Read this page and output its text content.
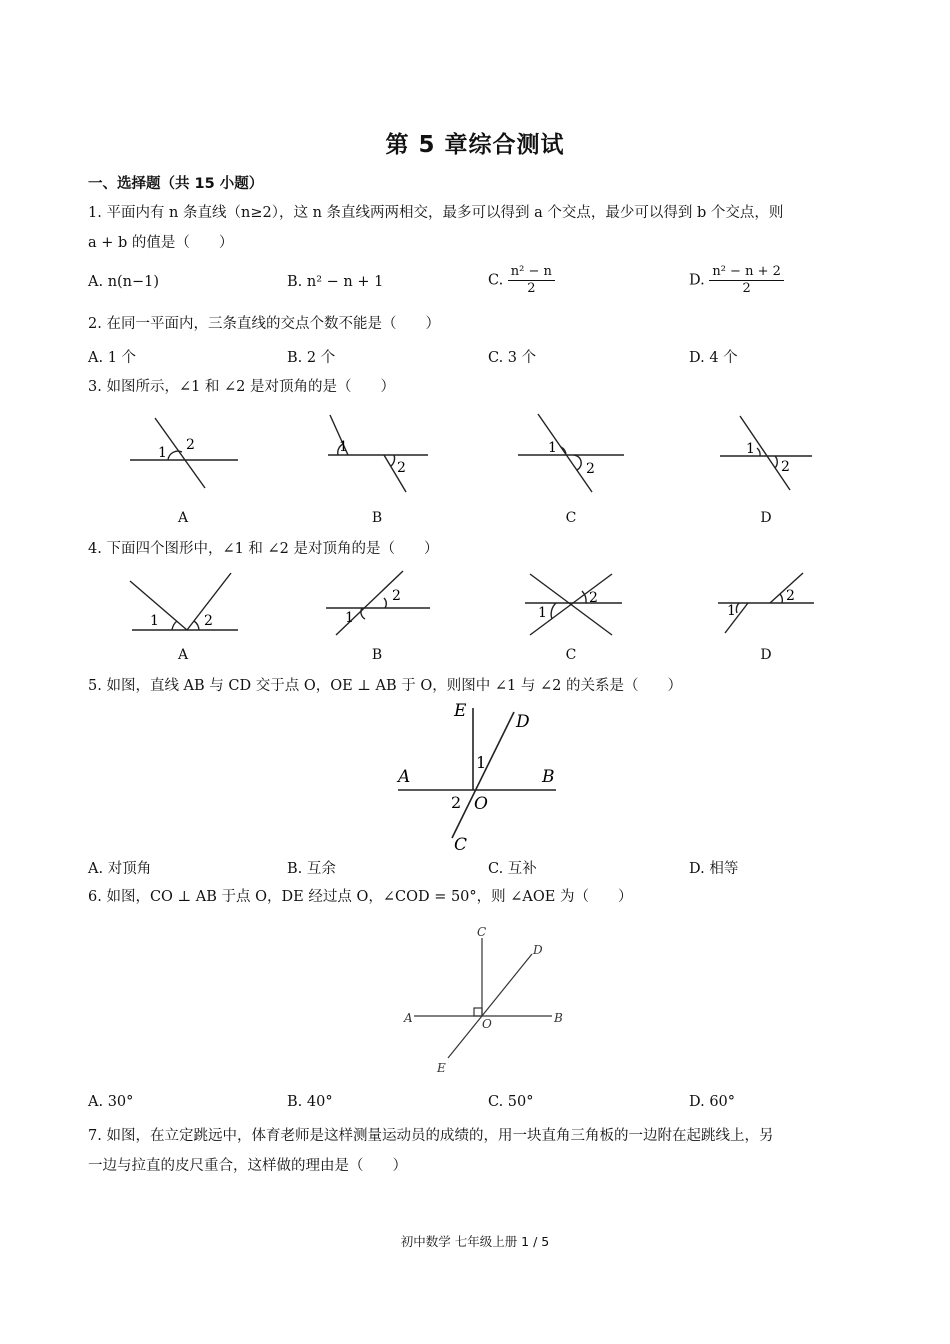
第 5 章综合测试
一、选择题（共 15 小题）
1. 平面内有 n 条直线（n≥2），这 n 条直线两两相交，最多可以得到 a 个交点，最少可以得到 b 个交点，则
a + b 的值是（　　）
A. n(n−1)	B. n² − n + 1	C. $\frac{\text{n² − n}}{2}$	D. $\frac{\text{n² − n + 2}}{2}$
2. 在同一平面内，三条直线的交点个数不能是（　　）
A. 1 个	B. 2 个	C. 3 个	D. 4 个
3. 如图所示，∠1 和 ∠2 是对顶角的是（　　）
1 2	1
2
1
2
1
2
A	B	C	D
4. 下面四个图形中，∠1 和 ∠2 是对顶角的是（　　）
1	2	1
2
1
2
1
2
A	B	C	D
5. 如图，直线 AB 与 CD 交于点 O，OE ⊥ AB 于 O，则图中 ∠1 与 ∠2 的关系是（　　）
E
D
A	B
O
C
1
2
A. 对顶角	B. 互余	C. 互补	D. 相等
6. 如图，CO ⊥ AB 于点 O，DE 经过点 O，∠COD = 50°，则 ∠AOE 为（　　）
C
D
A	B
O
E
A. 30°	B. 40°	C. 50°	D. 60°
7. 如图，在立定跳远中，体育老师是这样测量运动员的成绩的，用一块直角三角板的一边附在起跳线上，另
一边与拉直的皮尺重合，这样做的理由是（　　）
初中数学 七年级上册 1 / 5
